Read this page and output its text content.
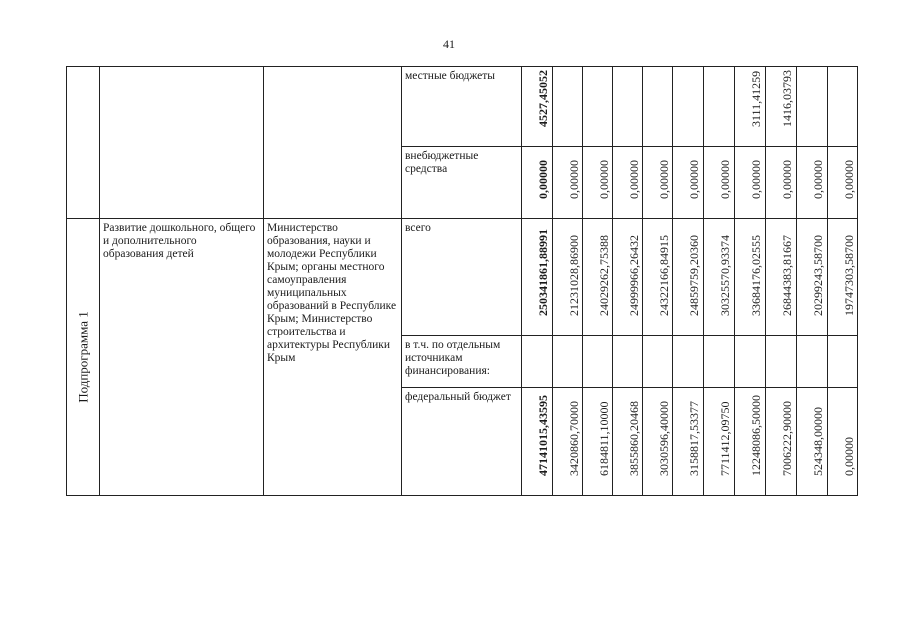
41

			местные бюджеты	4527,45052							3111,41259	1416,03793		

			внебюджетные средства	0,00000	0,00000	0,00000	0,00000	0,00000	0,00000	0,00000	0,00000	0,00000	0,00000	0,00000

Подпрограмма 1	Развитие дошкольного, общего и дополнительного образования детей	Министерство образования, науки и молодежи Республики Крым; органы местного самоуправления муниципальных образований в Республике Крым; Министерство строительства и архитектуры Республики Крым	всего	250341861,88991	21231028,86900	24029262,75388	24999966,26432	24322166,84915	24859759,20360	30325570,93374	33684176,02555	26844383,81667	20299243,58700	19747303,58700

			в т.ч. по отдельным источникам финансирования:											

			федеральный бюджет	47141015,43595	3420860,70000	6184811,10000	3855860,20468	3030596,40000	3158817,53377	7711412,09750	12248086,50000	7006222,90000	524348,00000	0,00000
